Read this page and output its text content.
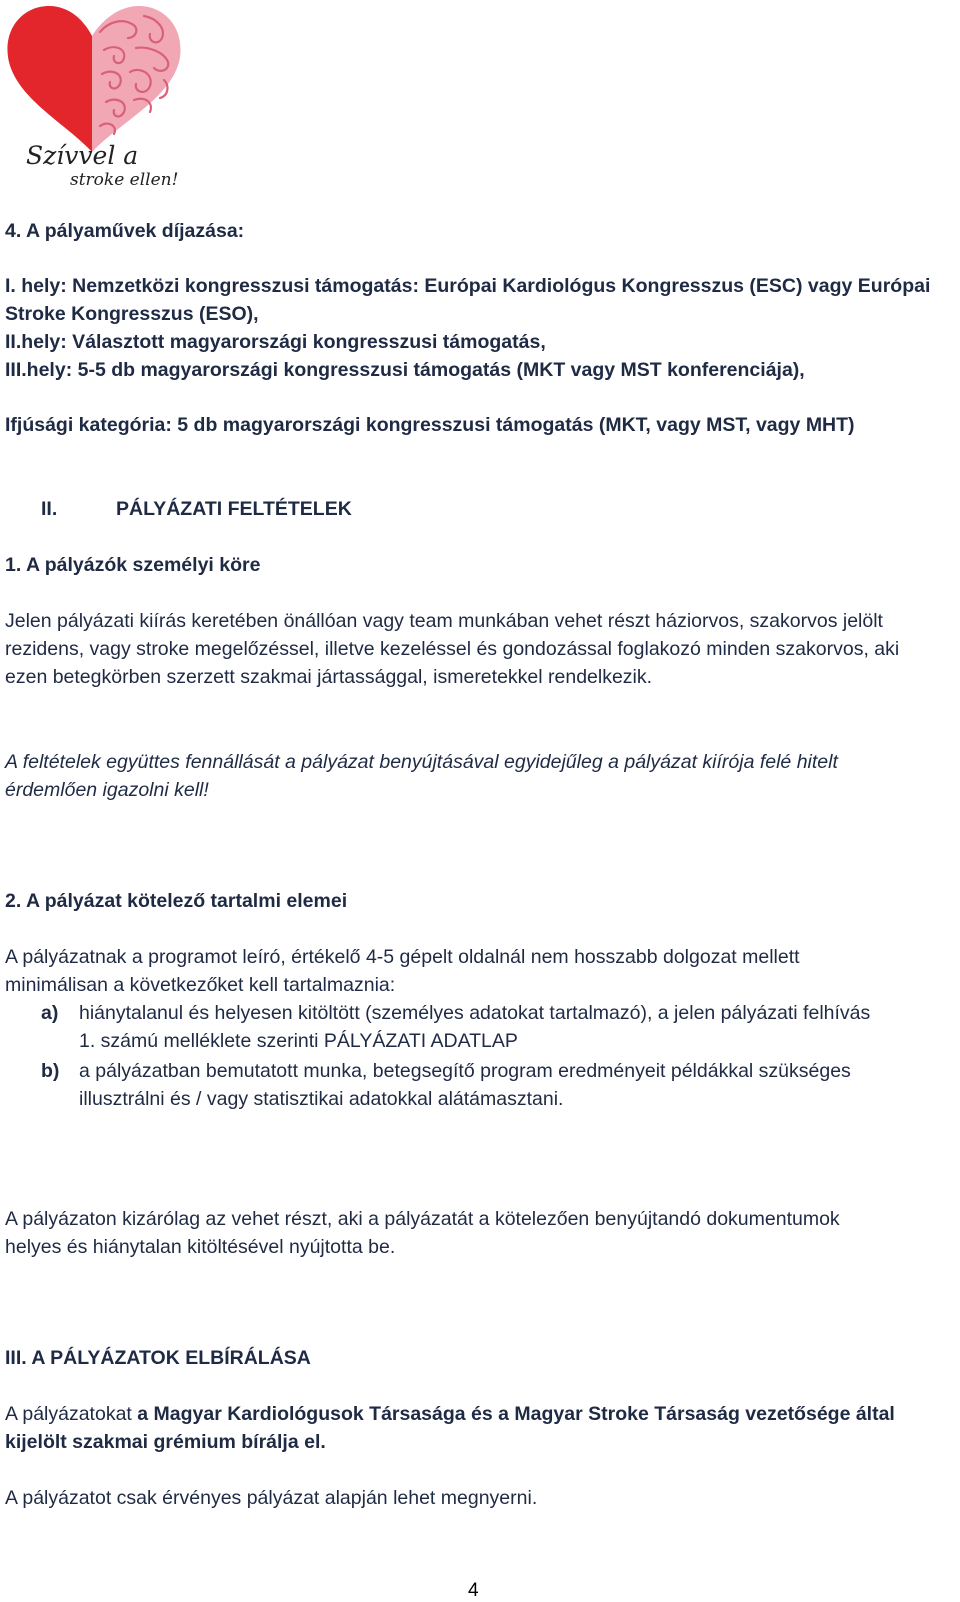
Szívvel a
stroke ellen!

4. A pályaművek díjazása:

I. hely: Nemzetközi kongresszusi támogatás: Európai Kardiológus Kongresszus (ESC) vagy Európai

Stroke Kongresszus (ESO),

II.hely: Választott magyarországi kongresszusi támogatás,

III.hely: 5-5 db magyarországi kongresszusi támogatás (MKT vagy MST konferenciája),

Ifjúsági kategória: 5 db magyarországi kongresszusi támogatás (MKT, vagy MST, vagy MHT)

II.	PÁLYÁZATI FELTÉTELEK

1. A pályázók személyi köre

Jelen pályázati kiírás keretében önállóan vagy team munkában vehet részt háziorvos, szakorvos jelölt

rezidens, vagy stroke megelőzéssel, illetve kezeléssel és gondozással foglakozó minden szakorvos, aki

ezen betegkörben szerzett szakmai jártassággal, ismeretekkel rendelkezik.

A feltételek együttes fennállását a pályázat benyújtásával egyidejűleg a pályázat kiírója felé hitelt

érdemlően igazolni kell!

2. A pályázat kötelező tartalmi elemei

A pályázatnak a programot leíró, értékelő 4-5 gépelt oldalnál nem hosszabb dolgozat mellett

minimálisan a következőket kell tartalmaznia:

a) hiánytalanul és helyesen kitöltött (személyes adatokat tartalmazó), a jelen pályázati felhívás

1. számú melléklete szerinti PÁLYÁZATI ADATLAP

b) a pályázatban bemutatott munka, betegsegítő program eredményeit példákkal szükséges

illusztrálni és / vagy statisztikai adatokkal alátámasztani.

A pályázaton kizárólag az vehet részt, aki a pályázatát a kötelezően benyújtandó dokumentumok

helyes és hiánytalan kitöltésével nyújtotta be.

III. A PÁLYÁZATOK ELBÍRÁLÁSA

A pályázatokat a Magyar Kardiológusok Társasága és a Magyar Stroke Társaság vezetősége által

kijelölt szakmai grémium bírálja el.

A pályázatot csak érvényes pályázat alapján lehet megnyerni.

4
